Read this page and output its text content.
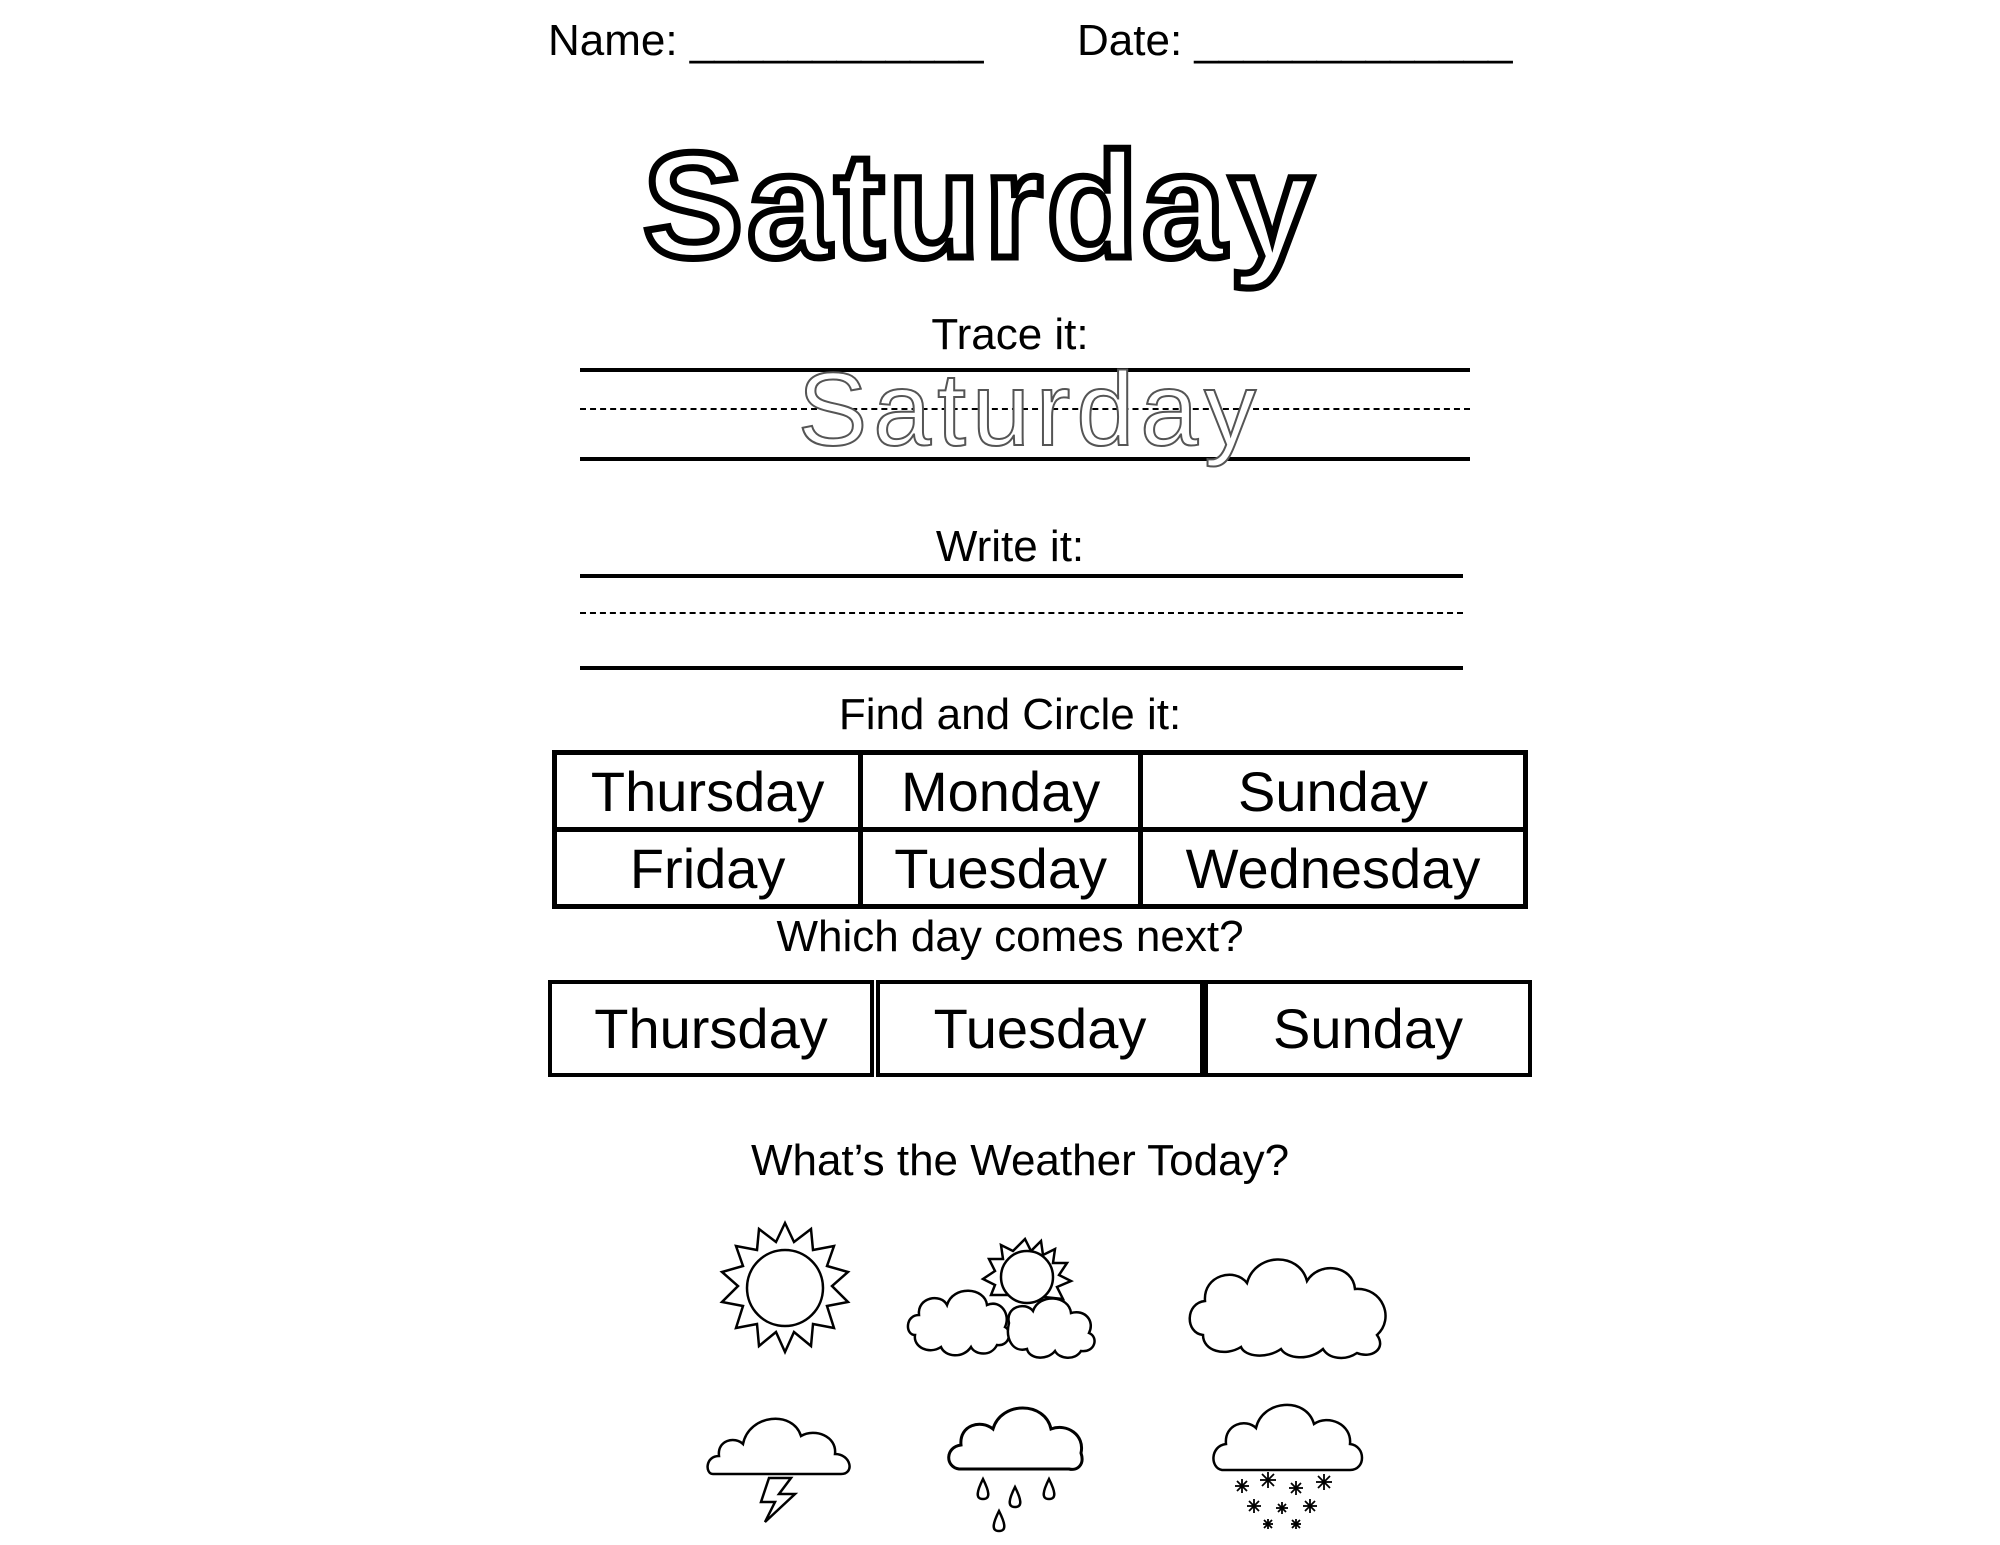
Name: ____________ Date: _____________
Saturday
Trace it:
Saturday
Write it:
Find and Circle it:
Thursday	Monday	Sunday
Friday	Tuesday	Wednesday
Which day comes next?
Thursday	Tuesday	Sunday
What’s the Weather Today?
